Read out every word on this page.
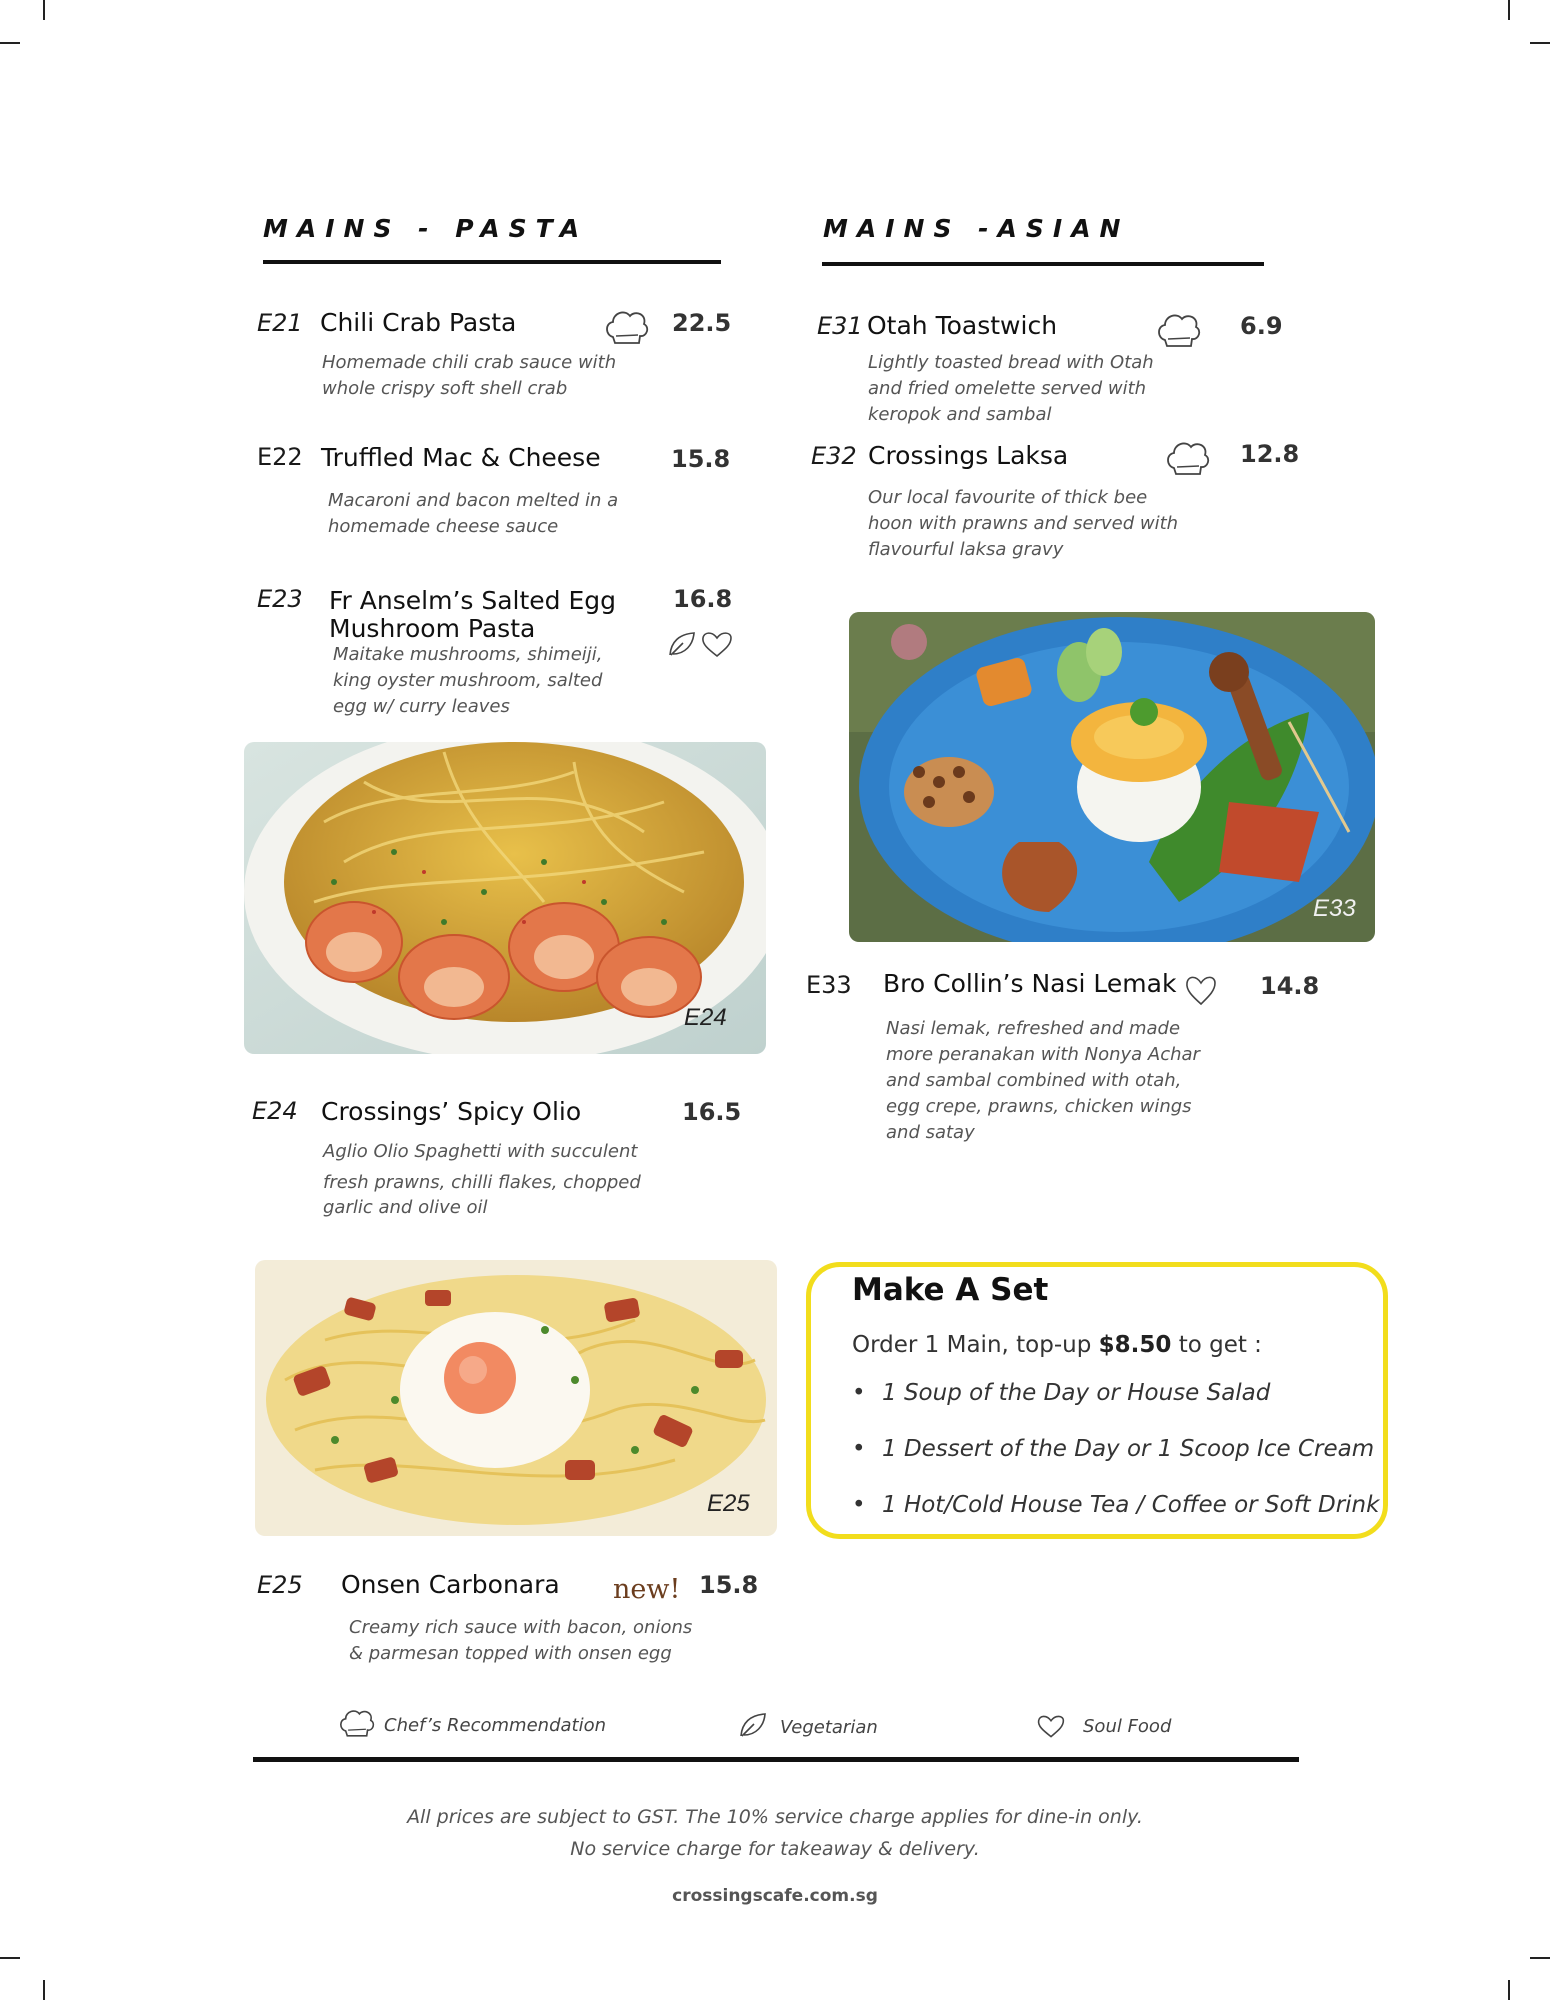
MAINS - PASTA	MAINS -ASIAN
E21 Chili Crab Pasta	22.5
Homemade chili crab sauce with
whole crispy soft shell crab
E22 Truffled Mac & Cheese	15.8
Macaroni and bacon melted in a
homemade cheese sauce
E23 Fr Anselm’s Salted Egg
Mushroom Pasta
16.8
Maitake mushrooms, shimeiji,
king oyster mushroom, salted
egg w/ curry leaves
E24
E24 Crossings’ Spicy Olio	16.5
Aglio Olio Spaghetti with succulent
fresh prawns, chilli flakes, chopped
garlic and olive oil
E25
E25 Onsen Carbonara new! 15.8
Creamy rich sauce with bacon, onions
& parmesan topped with onsen egg
E31 Otah Toastwich	6.9
Lightly toasted bread with Otah
and fried omelette served with
keropok and sambal
E32 Crossings Laksa	12.8
Our local favourite of thick bee
hoon with prawns and served with
flavourful laksa gravy
E33
E33 Bro Collin’s Nasi Lemak	14.8
Nasi lemak, refreshed and made
more peranakan with Nonya Achar
and sambal combined with otah,
egg crepe, prawns, chicken wings
and satay
Make A Set
Order 1 Main, top-up $8.50 to get :
• 1 Soup of the Day or House Salad
• 1 Dessert of the Day or 1 Scoop Ice Cream
• 1 Hot/Cold House Tea / Coffee or Soft Drink
Chef’s Recommendation	Vegetarian	Soul Food
All prices are subject to GST. The 10% service charge applies for dine-in only.
No service charge for takeaway & delivery.
crossingscafe.com.sg
